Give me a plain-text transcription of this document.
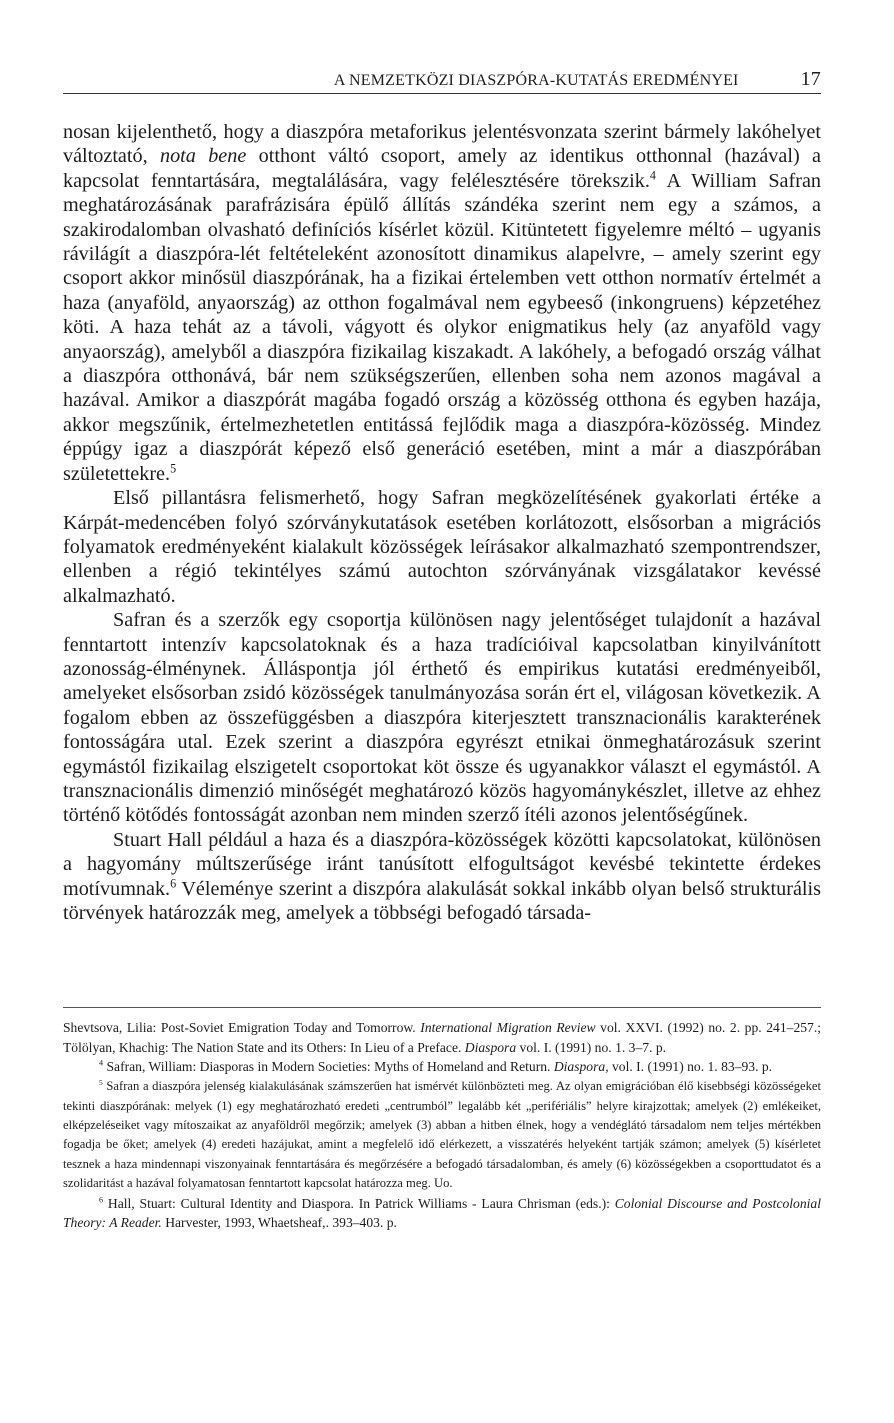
A NEMZETKÖZI DIASZPÓRA-KUTATÁS EREDMÉNYEI	17

nosan kijelenthető, hogy a diaszpóra metaforikus jelentésvonzata szerint bármely lakóhelyet változtató, nota bene otthont váltó csoport, amely az identikus otthonnal (hazával) a kapcsolat fenntartására, megtalálására, vagy felélesztésére törekszik.$^4$ A William Safran meghatározásának parafrázisára épülő állítás szándéka szerint nem egy a számos, a szakirodalomban olvasható definíciós kísérlet közül. Kitüntetett figyelemre méltó – ugyanis rávilágít a diaszpóra-lét feltételeként azonosított dinamikus alapelvre, – amely szerint egy csoport akkor minősül diaszpórának, ha a fizikai értelemben vett otthon normatív értelmét a haza (anyaföld, anyaország) az otthon fogalmával nem egybeeső (inkongruens) képzetéhez köti. A haza tehát az a távoli, vágyott és olykor enigmatikus hely (az anyaföld vagy anyaország), amelyből a diaszpóra fizikailag kiszakadt. A lakóhely, a befogadó ország válhat a diaszpóra otthonává, bár nem szükségszerűen, ellenben soha nem azonos magával a hazával. Amikor a diaszpórát magába fogadó ország a közösség otthona és egyben hazája, akkor megszűnik, értelmezhetetlen entitássá fejlődik maga a diaszpóra-közösség. Mindez éppúgy igaz a diaszpórát képező első generáció esetében, mint a már a diaszpórában születettekre.$^5$

Első pillantásra felismerhető, hogy Safran megközelítésének gyakorlati értéke a Kárpát-medencében folyó szórványkutatások esetében korlátozott, elsősorban a migrációs folyamatok eredményeként kialakult közösségek leírásakor alkalmazható szempontrendszer, ellenben a régió tekintélyes számú autochton szórványának vizsgálatakor kevéssé alkalmazható.

Safran és a szerzők egy csoportja különösen nagy jelentőséget tulajdonít a hazával fenntartott intenzív kapcsolatoknak és a haza tradícióival kapcsolatban kinyilvánított azonosság-élménynek. Álláspontja jól érthető és empirikus kutatási eredményeiből, amelyeket elsősorban zsidó közösségek tanulmányozása során ért el, világosan következik. A fogalom ebben az összefüggésben a diaszpóra kiterjesztett transznacionális karakterének fontosságára utal. Ezek szerint a diaszpóra egyrészt etnikai önmeghatározásuk szerint egymástól fizikailag elszigetelt csoportokat köt össze és ugyanakkor választ el egymástól. A transznacionális dimenzió minőségét meghatározó közös hagyománykészlet, illetve az ehhez történő kötődés fontosságát azonban nem minden szerző ítéli azonos jelentőségűnek.

Stuart Hall például a haza és a diaszpóra-közösségek közötti kapcsolatokat, különösen a hagyomány múltszerűsége iránt tanúsított elfogultságot kevésbé tekintette érdekes motívumnak.$^6$ Véleménye szerint a diszpóra alakulását sokkal inkább olyan belső strukturális törvények határozzák meg, amelyek a többségi befogadó társada-

Shevtsova, Lilia: Post-Soviet Emigration Today and Tomorrow. International Migration Review vol. XXVI. (1992) no. 2. pp. 241–257.; Tölölyan, Khachig: The Nation State and its Others: In Lieu of a Preface. Diaspora vol. I. (1991) no. 1. 3–7. p.

$^4$ Safran, William: Diasporas in Modern Societies: Myths of Homeland and Return. Diaspora, vol. I. (1991) no. 1. 83–93. p.

$^5$ Safran a diaszpóra jelenség kialakulásának számszerűen hat ismérvét különbözteti meg. Az olyan emigrációban élő kisebbségi közösségeket tekinti diaszpórának: melyek (1) egy meghatározható eredeti „centrumból” legalább két „perifériális” helyre kirajzottak; amelyek (2) emlékeiket, elképzeléseiket vagy mítoszaikat az anyaföldről megőrzik; amelyek (3) abban a hitben élnek, hogy a vendéglátó társadalom nem teljes mértékben fogadja be őket; amelyek (4) eredeti hazájukat, amint a megfelelő idő elérkezett, a visszatérés helyeként tartják számon; amelyek (5) kísérletet tesznek a haza mindennapi viszonyainak fenntartására és megőrzésére a befogadó társadalomban, és amely (6) közösségekben a csoporttudatot és a szolidaritást a hazával folyamatosan fenntartott kapcsolat határozza meg. Uo.

$^6$ Hall, Stuart: Cultural Identity and Diaspora. In Patrick Williams - Laura Chrisman (eds.): Colonial Discourse and Postcolonial Theory: A Reader. Harvester, 1993, Whaetsheaf,. 393–403. p.
